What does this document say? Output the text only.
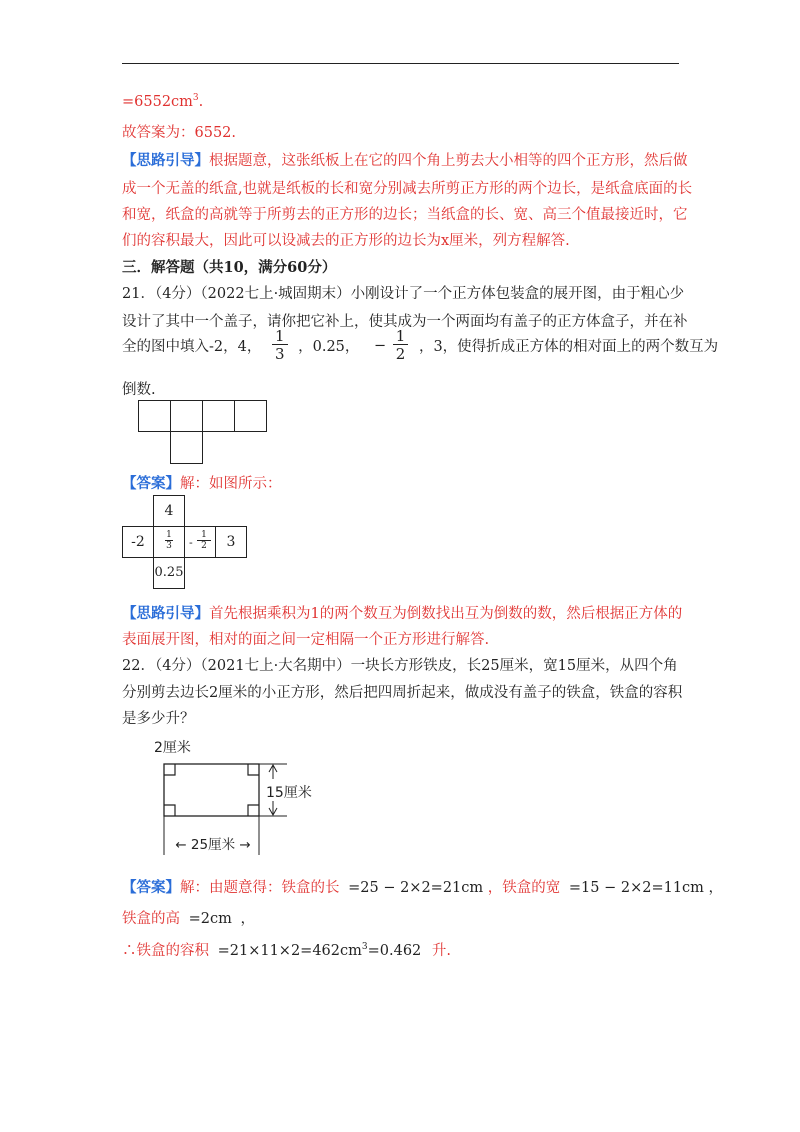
$=6552cm^3$.
故答案为：6552.
【思路引导】根据题意，这张纸板上在它的四个角上剪去大小相等的四个正方形，然后做
成一个无盖的纸盒,也就是纸板的长和宽分别减去所剪正方形的两个边长，是纸盒底面的长
和宽，纸盒的高就等于所剪去的正方形的边长；当纸盒的长、宽、高三个值最接近时，它
们的容积最大，因此可以设减去的正方形的边长为x厘米，列方程解答.
三．解答题（共10，满分60分）
21．（4分）（2022七上·城固期末）小刚设计了一个正方体包装盒的展开图，由于粗心少
设计了其中一个盖子，请你把它补上，使其成为一个两面均有盖子的正方体盒子，并在补
全的图中填入-2，4， $\frac{1}{3}$ ，0.25， − $\frac{1}{2}$ ，3，使得折成正方体的相对面上的两个数互为
倒数.
【答案】解：如图所示：
4
-2	$\frac{1}{3} - \frac{1}{2}$	3
0.25
【思路引导】首先根据乘积为1的两个数互为倒数找出互为倒数的数，然后根据正方体的
表面展开图，相对的面之间一定相隔一个正方形进行解答.
22．（4分）（2021七上·大名期中）一块长方形铁皮，长25厘米，宽15厘米，从四个角
分别剪去边长2厘米的小正方形，然后把四周折起来，做成没有盖子的铁盒，铁盒的容积
是多少升？
2厘米
15厘米
← 25厘米 →
【答案】解：由题意得：铁盒的长 =25 − 2×2=21cm ，铁盒的宽 =15 − 2×2=11cm ，
铁盒的高 =2cm ，
∴铁盒的容积 $=21\times 11\times 2=462cm^3=0.462$ 升.
